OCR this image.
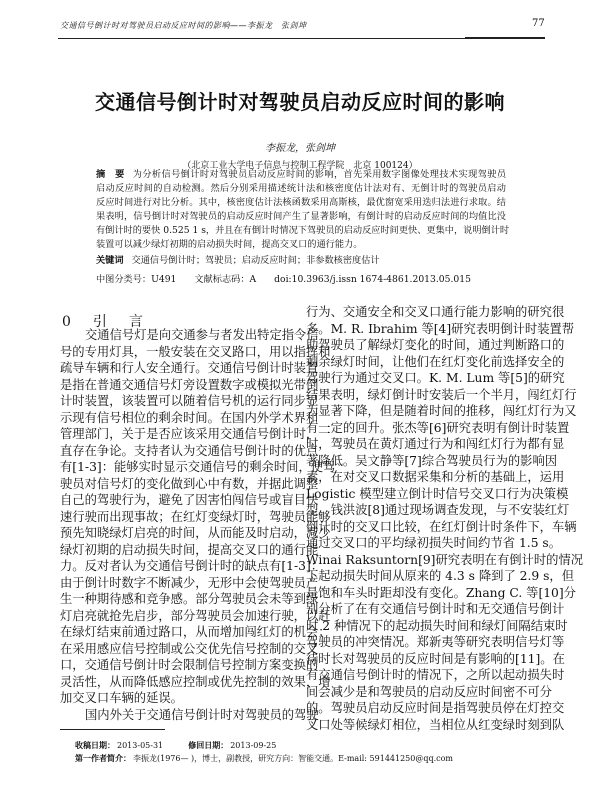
交通信号倒计时对驾驶员启动反应时间的影响——李振龙　张剑坤	77
交通信号倒计时对驾驶员启动反应时间的影响
李振龙，张剑坤
（北京工业大学电子信息与控制工程学院　北京 100124）
摘　要 为分析信号倒计时对驾驶员启动反应时间的影响，首先采用数字图像处理技术实现驾驶员
启动反应时间的自动检测。然后分别采用描述统计法和核密度估计法对有、无倒计时的驾驶员启动
反应时间进行对比分析。其中，核密度估计法核函数采用高斯核，最优窗宽采用迭归法进行求取。结
果表明，信号倒计时对驾驶员的启动反应时间产生了显著影响，有倒计时的启动反应时间的均值比没
有倒计时的要快 0.525 1 s，并且在有倒计时情况下驾驶员的启动反应时间更快、更集中，说明倒计时
装置可以减少绿灯初期的启动损失时间，提高交叉口的通行能力。
关键词 交通信号倒计时；驾驶员；启动反应时间；非参数核密度估计
中图分类号：U491 文献标志码：A doi:10.3963/j.issn 1674-4861.2013.05.015
0　引　言
交通信号灯是向交通参与者发出特定指令信
号的专用灯具，一般安装在交叉路口，用以指挥和
疏导车辆和行人安全通行。交通信号倒计时装置
是指在普通交通信号灯旁设置数字或模拟光带倒
计时装置，该装置可以随着信号机的运行同步显
示现有信号相位的剩余时间。在国内外学术界和
管理部门，关于是否应该采用交通信号倒计时，一
直存在争论。支持者认为交通信号倒计时的优点
有[1-3]：能够实时显示交通信号的剩余时间，使驾
驶员对信号灯的变化做到心中有数，并据此调整
自己的驾驶行为，避免了因害怕闯信号或盲目快
速行驶而出现事故；在红灯变绿灯时，驾驶员能够
预先知晓绿灯启亮的时间，从而能及时启动，减少
绿灯初期的启动损失时间，提高交叉口的通行能
力。反对者认为交通信号倒计时的缺点有[1-3]：
由于倒计时数字不断减少，无形中会使驾驶员产
生一种期待感和竞争感。部分驾驶员会未等到绿
灯启亮就抢先启步，部分驾驶员会加速行驶，以赶
在绿灯结束前通过路口，从而增加闯红灯的机会；
在采用感应信号控制或公交优先信号控制的交叉
口，交通信号倒计时会限制信号控制方案变换的
灵活性，从而降低感应控制或优先控制的效果，增
加交叉口车辆的延误。
国内外关于交通信号倒计时对驾驶员的驾驶
行为、交通安全和交叉口通行能力影响的研究很
多。M. R. Ibrahim 等[4]研究表明倒计时装置帮
助驾驶员了解绿灯变化的时间，通过判断路口的
剩余绿灯时间，让他们在红灯变化前选择安全的
驾驶行为通过交叉口。K. M. Lum 等[5]的研究
结果表明，绿灯倒计时安装后一个半月，闯红灯行
为显著下降，但是随着时间的推移，闯红灯行为又
有一定的回升。张杰等[6]研究表明有倒计时装置
时，驾驶员在黄灯通过行为和闯红灯行为都有显
著降低。吴文静等[7]综合驾驶员行为的影响因
素，在对交叉口数据采集和分析的基础上，运用
Logistic 模型建立倒计时信号交叉口行为决策模
型。钱洪波[8]通过现场调查发现，与不安装红灯
倒计时的交叉口比较，在红灯倒计时条件下，车辆
通过交叉口的平均绿初损失时间约节省 1.5 s。
Winai Raksuntorn[9]研究表明在有倒计时的情况
下起动损失时间从原来的 4.3 s 降到了 2.9 s，但
是饱和车头时距却没有变化。Zhang C. 等[10]分
别分析了在有交通信号倒计时和无交通信号倒计
时 2 种情况下的起动损失时间和绿灯间隔结束时
驾驶员的冲突情况。郑新夷等研究表明信号灯等
待时长对驾驶员的反应时间是有影响的[11]。在
有交通信号倒计时的情况下，之所以起动损失时
间会减少是和驾驶员的启动反应时间密不可分
的。驾驶员启动反应时间是指驾驶员停在灯控交
叉口处等候绿灯相位，当相位从红变绿时刻到队
收稿日期： 2013-05-31	修回日期： 2013-09-25
第一作者简介： 李振龙(1976— )，博士，副教授，研究方向：智能交通。E-mail: 591441250@qq.com
